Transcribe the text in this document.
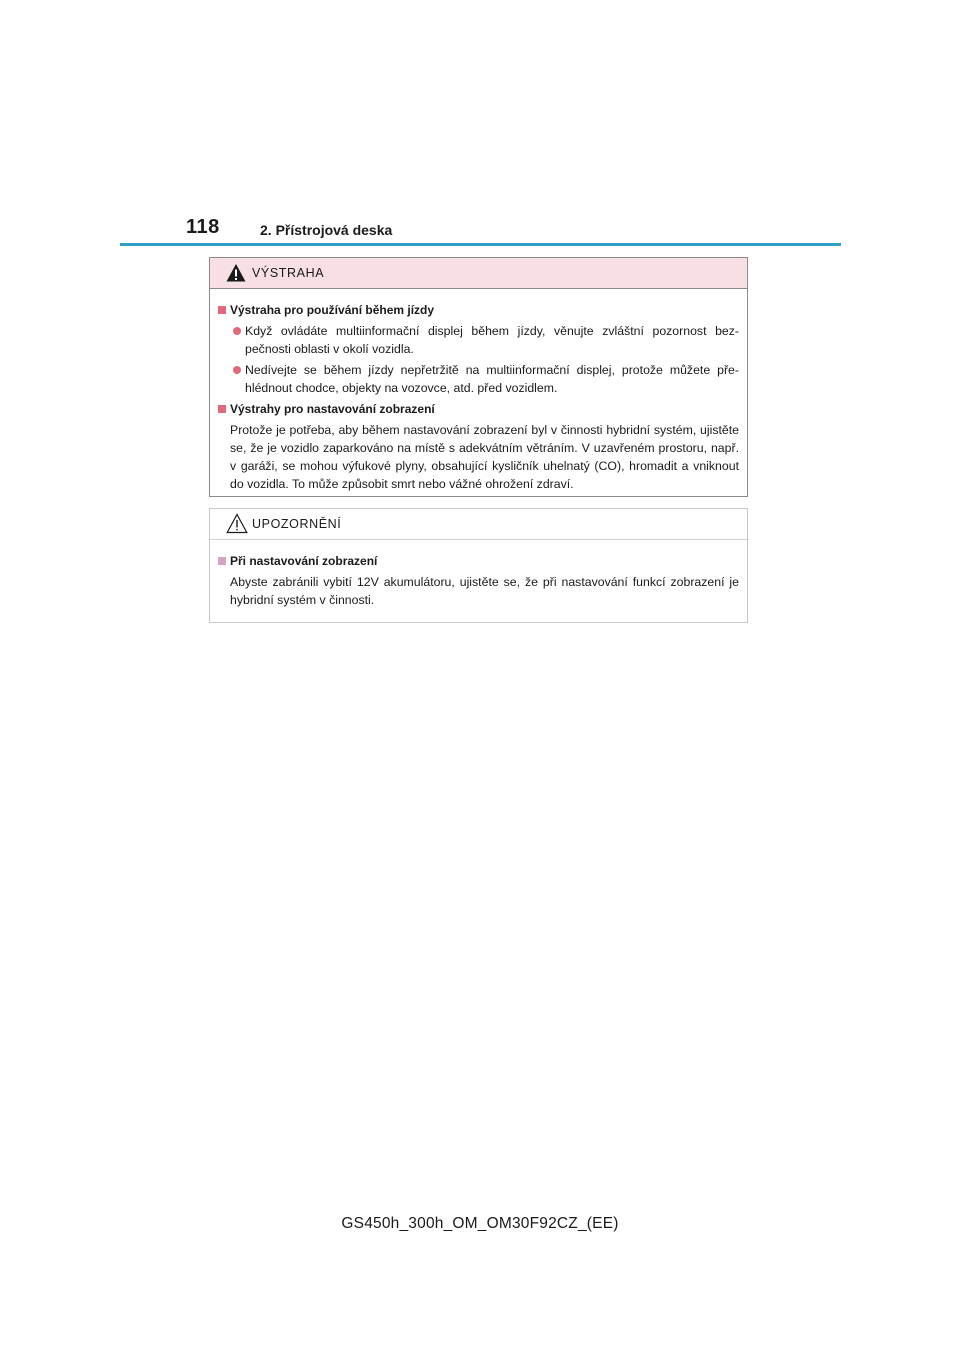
118	2. Přístrojová deska
VÝSTRAHA
Výstraha pro používání během jízdy
Když ovládáte multiinformační displej během jízdy, věnujte zvláštní pozornost bez- pečnosti oblasti v okolí vozidla.
Nedívejte se během jízdy nepřetržitě na multiinformační displej, protože můžete pře- hlédnout chodce, objekty na vozovce, atd. před vozidlem.
Výstrahy pro nastavování zobrazení
Protože je potřeba, aby během nastavování zobrazení byl v činnosti hybridní systém, ujistěte se, že je vozidlo zaparkováno na místě s adekvátním větráním. V uzavřeném prostoru, např. v garáži, se mohou výfukové plyny, obsahující kysličník uhelnatý (CO), hromadit a vniknout do vozidla. To může způsobit smrt nebo vážné ohrožení zdraví.
UPOZORNĚNÍ
Při nastavování zobrazení
Abyste zabránili vybití 12V akumulátoru, ujistěte se, že při nastavování funkcí zobrazení je hybridní systém v činnosti.
GS450h_300h_OM_OM30F92CZ_(EE)
